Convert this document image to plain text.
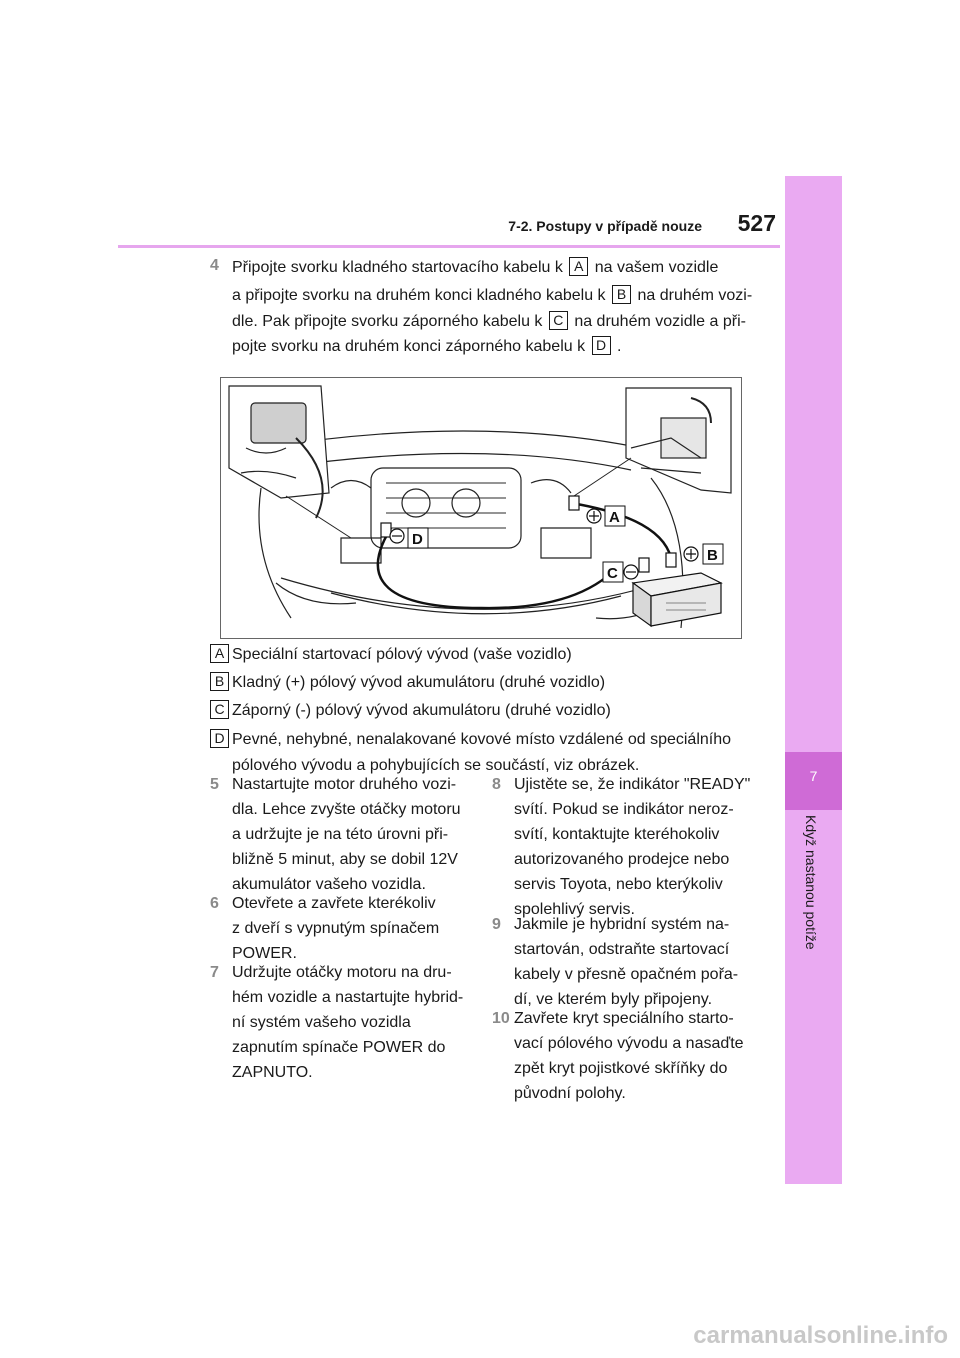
7-2. Postupy v případě nouze	527
7
Když nastanou potíže
4 Připojte svorku kladného startovacího kabelu k A na vašem vozidle
a připojte svorku na druhém konci kladného kabelu k B na druhém vozi-
dle. Pak připojte svorku záporného kabelu k C na druhém vozidle a při-
pojte svorku na druhém konci záporného kabelu k D .
A
B
C
D
A Speciální startovací pólový vývod (vaše vozidlo)
B Kladný (+) pólový vývod akumulátoru (druhé vozidlo)
C Záporný (-) pólový vývod akumulátoru (druhé vozidlo)
D Pevné, nehybné, nenalakované kovové místo vzdálené od speciálního
pólového vývodu a pohybujících se součástí, viz obrázek.
5 Nastartujte motor druhého vozi-
dla. Lehce zvyšte otáčky motoru
a udržujte je na této úrovni při-
bližně 5 minut, aby se dobil 12V
akumulátor vašeho vozidla.
6 Otevřete a zavřete kterékoliv
z dveří s vypnutým spínačem
POWER.
7 Udržujte otáčky motoru na dru-
hém vozidle a nastartujte hybrid-
ní systém vašeho vozidla
zapnutím spínače POWER do
ZAPNUTO.
8 Ujistěte se, že indikátor "READY"
svítí. Pokud se indikátor neroz-
svítí, kontaktujte kteréhokoliv
autorizovaného prodejce nebo
servis Toyota, nebo kterýkoliv
spolehlivý servis.
9 Jakmile je hybridní systém na-
startován, odstraňte startovací
kabely v přesně opačném pořa-
dí, ve kterém byly připojeny.
10 Zavřete kryt speciálního starto-
vací pólového vývodu a nasaďte
zpět kryt pojistkové skříňky do
původní polohy.
carmanualsonline.info
